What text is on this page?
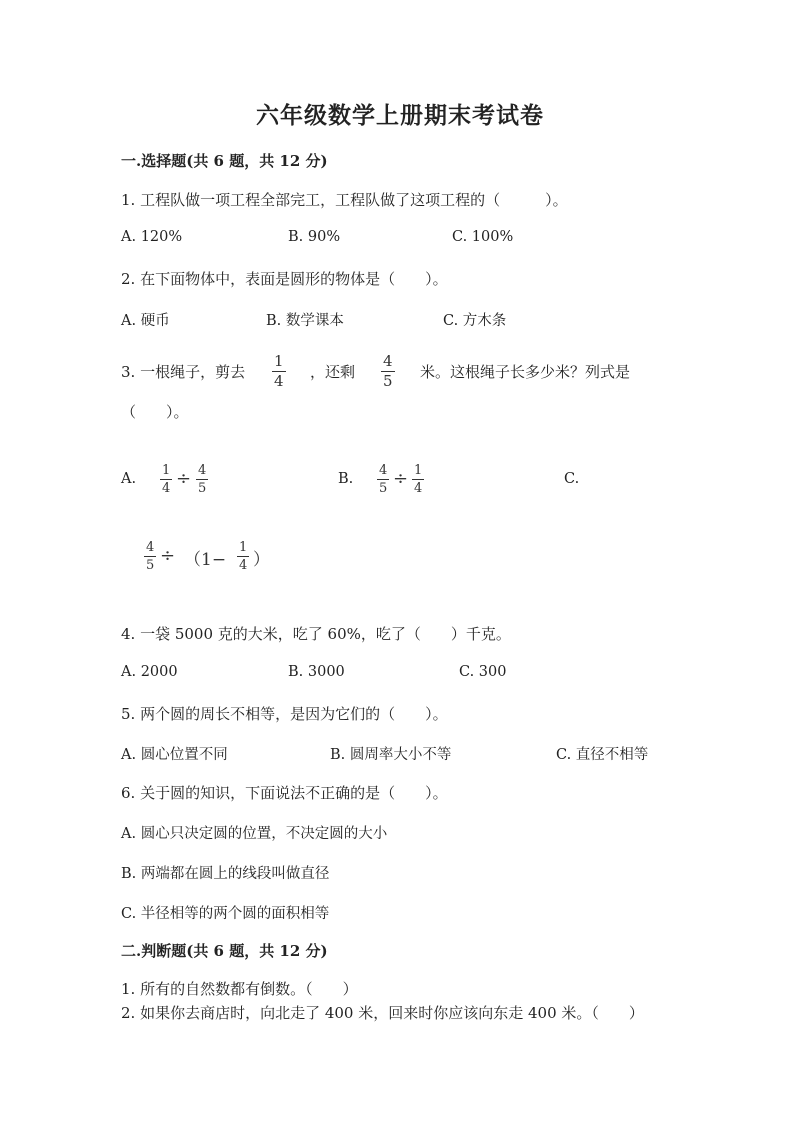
六年级数学上册期末考试卷
一.选择题(共 6 题，共 12 分)
1. 工程队做一项工程全部完工，工程队做了这项工程的（　　　）。
A. 120%	B. 90%	C. 100%
2. 在下面物体中，表面是圆形的物体是（　　）。
A. 硬币	B. 数学课本	C. 方木条
3. 一根绳子，剪去
1
4 ，还剩
4
5 米。这根绳子长多少米？列式是
（　　）。
A.
1
4 ÷ 4
5
B.
4
5 ÷ 1
4
C.
4
5 ÷ （1−
1
4 ）
4. 一袋 5000 克的大米，吃了 60%，吃了（　　）千克。
A. 2000	B. 3000	C. 300
5. 两个圆的周长不相等，是因为它们的（　　）。
A. 圆心位置不同	B. 圆周率大小不等	C. 直径不相等
6. 关于圆的知识，下面说法不正确的是（　　）。
A. 圆心只决定圆的位置，不决定圆的大小
B. 两端都在圆上的线段叫做直径
C. 半径相等的两个圆的面积相等
二.判断题(共 6 题，共 12 分)
1. 所有的自然数都有倒数。（　　）
2. 如果你去商店时，向北走了 400 米，回来时你应该向东走 400 米。（　　）
